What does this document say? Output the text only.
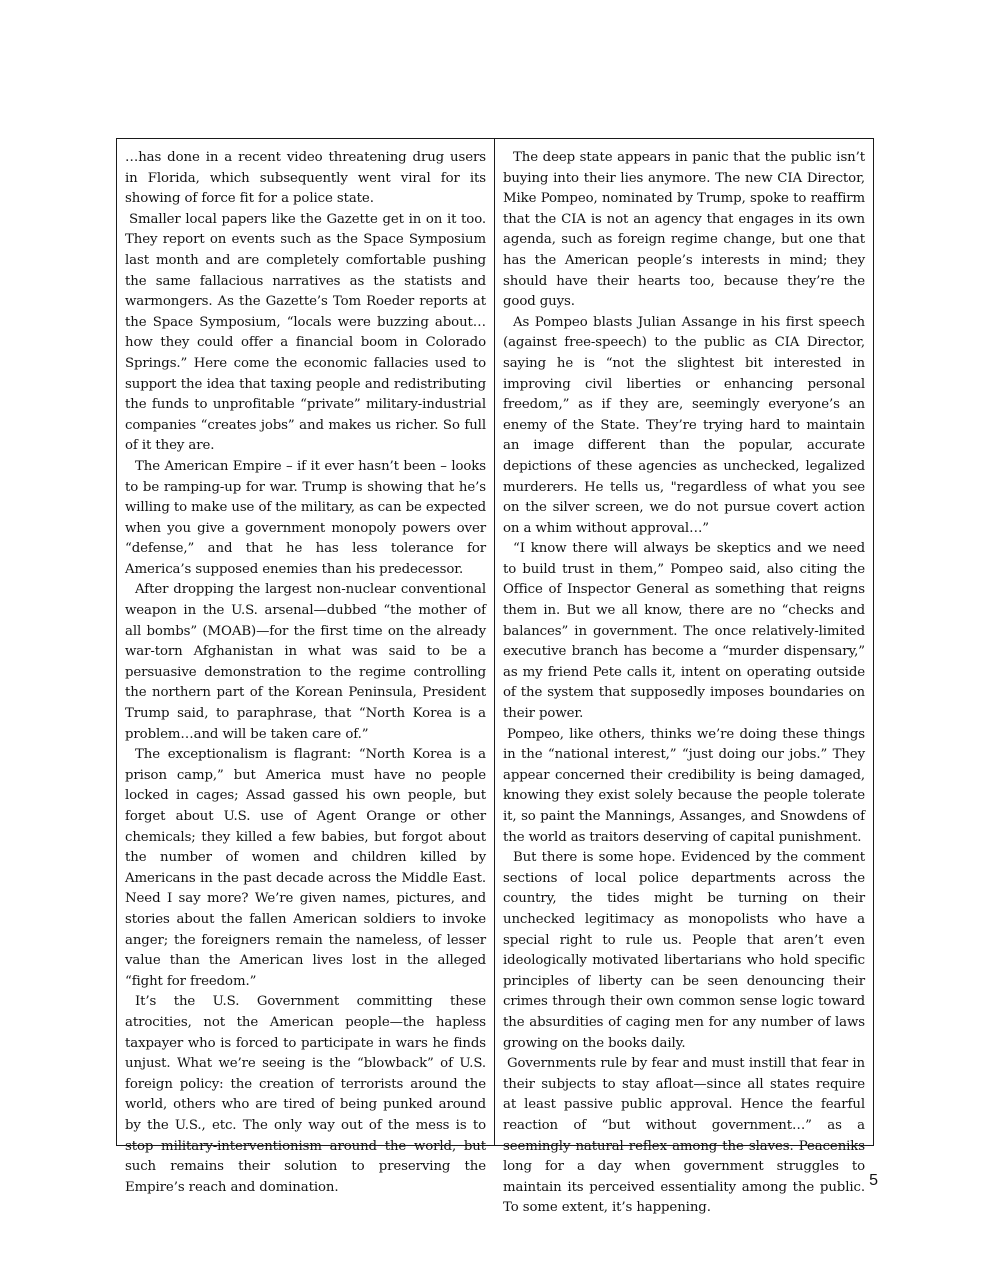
…has done in a recent video threatening drug users in Florida, which subsequently went viral for its showing of force fit for a police state.

Smaller local papers like the Gazette get in on it too. They report on events such as the Space Symposium last month and are completely comfortable pushing the same fallacious narratives as the statists and warmongers. As the Gazette’s Tom Roeder reports at the Space Symposium, “locals were buzzing about…how they could offer a financial boom in Colorado Springs.” Here come the economic fallacies used to support the idea that taxing people and redistributing the funds to unprofitable “private” military-industrial companies “creates jobs” and makes us richer. So full of it they are.

The American Empire – if it ever hasn’t been – looks to be ramping-up for war. Trump is showing that he’s willing to make use of the military, as can be expected when you give a government monopoly powers over “defense,” and that he has less tolerance for America’s supposed enemies than his predecessor.

After dropping the largest non-nuclear conventional weapon in the U.S. arsenal—dubbed “the mother of all bombs” (MOAB)—for the first time on the already war-torn Afghanistan in what was said to be a persuasive demonstration to the regime controlling the northern part of the Korean Peninsula, President Trump said, to paraphrase, that “North Korea is a problem…and will be taken care of.”

The exceptionalism is flagrant: “North Korea is a prison camp,” but America must have no people locked in cages; Assad gassed his own people, but forget about U.S. use of Agent Orange or other chemicals; they killed a few babies, but forgot about the number of women and children killed by Americans in the past decade across the Middle East. Need I say more? We’re given names, pictures, and stories about the fallen American soldiers to invoke anger; the foreigners remain the nameless, of lesser value than the American lives lost in the alleged “fight for freedom.”

It’s the U.S. Government committing these atrocities, not the American people—the hapless taxpayer who is forced to participate in wars he finds unjust. What we’re seeing is the “blowback” of U.S. foreign policy: the creation of terrorists around the world, others who are tired of being punked around by the U.S., etc. The only way out of the mess is to stop military-interventionism around the world, but such remains their solution to preserving the Empire’s reach and domination.

The deep state appears in panic that the public isn’t buying into their lies anymore. The new CIA Director, Mike Pompeo, nominated by Trump, spoke to reaffirm that the CIA is not an agency that engages in its own agenda, such as foreign regime change, but one that has the American people’s interests in mind; they should have their hearts too, because they’re the good guys.

As Pompeo blasts Julian Assange in his first speech (against free-speech) to the public as CIA Director, saying he is “not the slightest bit interested in improving civil liberties or enhancing personal freedom,” as if they are, seemingly everyone’s an enemy of the State. They’re trying hard to maintain an image different than the popular, accurate depictions of these agencies as unchecked, legalized murderers. He tells us, "regardless of what you see on the silver screen, we do not pursue covert action on a whim without approval…”

“I know there will always be skeptics and we need to build trust in them,” Pompeo said, also citing the Office of Inspector General as something that reigns them in. But we all know, there are no “checks and balances” in government. The once relatively-limited executive branch has become a “murder dispensary,” as my friend Pete calls it, intent on operating outside of the system that supposedly imposes boundaries on their power.

Pompeo, like others, thinks we’re doing these things in the “national interest,” “just doing our jobs.” They appear concerned their credibility is being damaged, knowing they exist solely because the people tolerate it, so paint the Mannings, Assanges, and Snowdens of the world as traitors deserving of capital punishment.

But there is some hope. Evidenced by the comment sections of local police departments across the country, the tides might be turning on their unchecked legitimacy as monopolists who have a special right to rule us. People that aren’t even ideologically motivated libertarians who hold specific principles of liberty can be seen denouncing their crimes through their own common sense logic toward the absurdities of caging men for any number of laws growing on the books daily.

Governments rule by fear and must instill that fear in their subjects to stay afloat—since all states require at least passive public approval. Hence the fearful reaction of “but without government…” as a seemingly natural reflex among the slaves. Peaceniks long for a day when government struggles to maintain its perceived essentiality among the public. To some extent, it’s happening.

5
